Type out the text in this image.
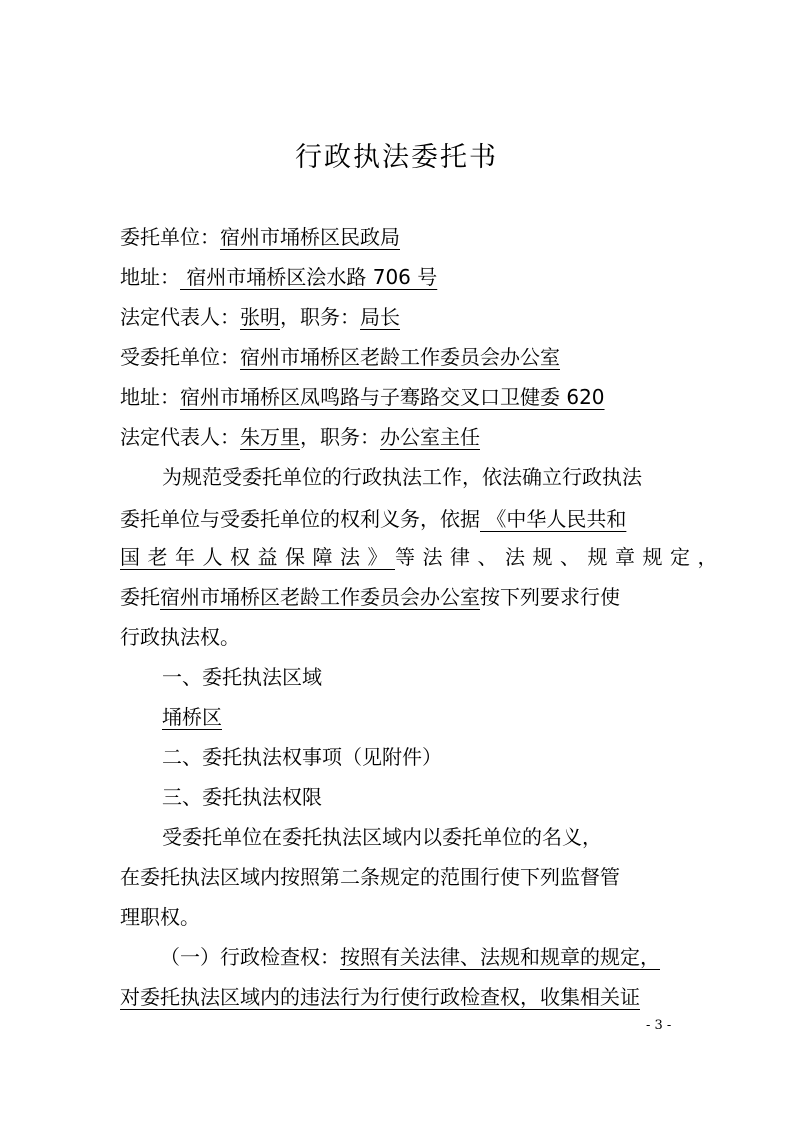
行政执法委托书
委托单位：宿州市埇桥区民政局
地址： 宿州市埇桥区浍水路 706 号
法定代表人：张明，职务：局长
受委托单位：宿州市埇桥区老龄工作委员会办公室
地址：宿州市埇桥区凤鸣路与子骞路交叉口卫健委 620
法定代表人：朱万里，职务：办公室主任
为规范受委托单位的行政执法工作，依法确立行政执法
委托单位与受委托单位的权利义务，依据 《中华人民共和
国老年人权益保障法》等法律、法规、规章规定，
委托宿州市埇桥区老龄工作委员会办公室按下列要求行使
行政执法权。
一、委托执法区域
埇桥区
二、委托执法权事项（见附件）
三、委托执法权限
受委托单位在委托执法区域内以委托单位的名义，
在委托执法区域内按照第二条规定的范围行使下列监督管
理职权。
（一）行政检查权：按照有关法律、法规和规章的规定，
对委托执法区域内的违法行为行使行政检查权，收集相关证
- 3 -
